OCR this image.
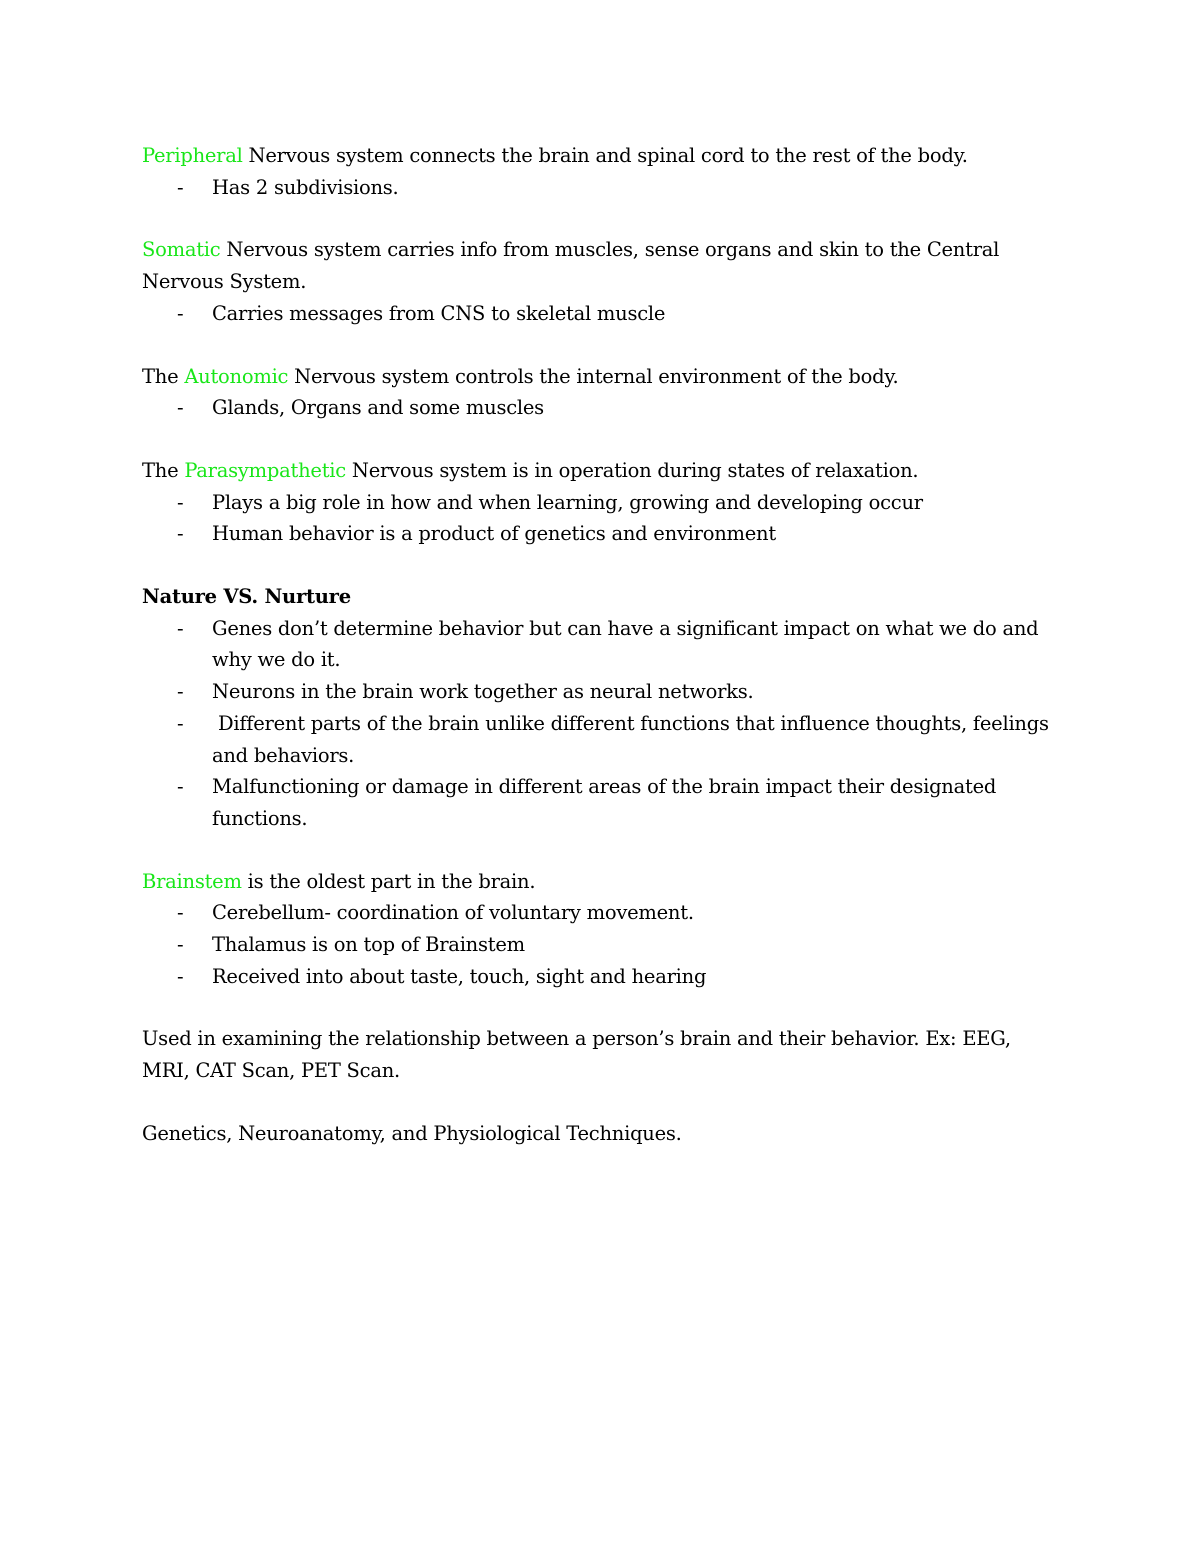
Peripheral Nervous system connects the brain and spinal cord to the rest of the body.

- Has 2 subdivisions.

Somatic Nervous system carries info from muscles, sense organs and skin to the Central Nervous System.

- Carries messages from CNS to skeletal muscle

The Autonomic Nervous system controls the internal environment of the body.

- Glands, Organs and some muscles

The Parasympathetic Nervous system is in operation during states of relaxation.

- Plays a big role in how and when learning, growing and developing occur
- Human behavior is a product of genetics and environment

Nature VS. Nurture

- Genes don’t determine behavior but can have a significant impact on what we do and why we do it.
- Neurons in the brain work together as neural networks.
- Different parts of the brain unlike different functions that influence thoughts, feelings and behaviors.
- Malfunctioning or damage in different areas of the brain impact their designated functions.

Brainstem is the oldest part in the brain.

- Cerebellum- coordination of voluntary movement.
- Thalamus is on top of Brainstem
- Received into about taste, touch, sight and hearing

Used in examining the relationship between a person’s brain and their behavior. Ex: EEG, MRI, CAT Scan, PET Scan.

Genetics, Neuroanatomy, and Physiological Techniques.
